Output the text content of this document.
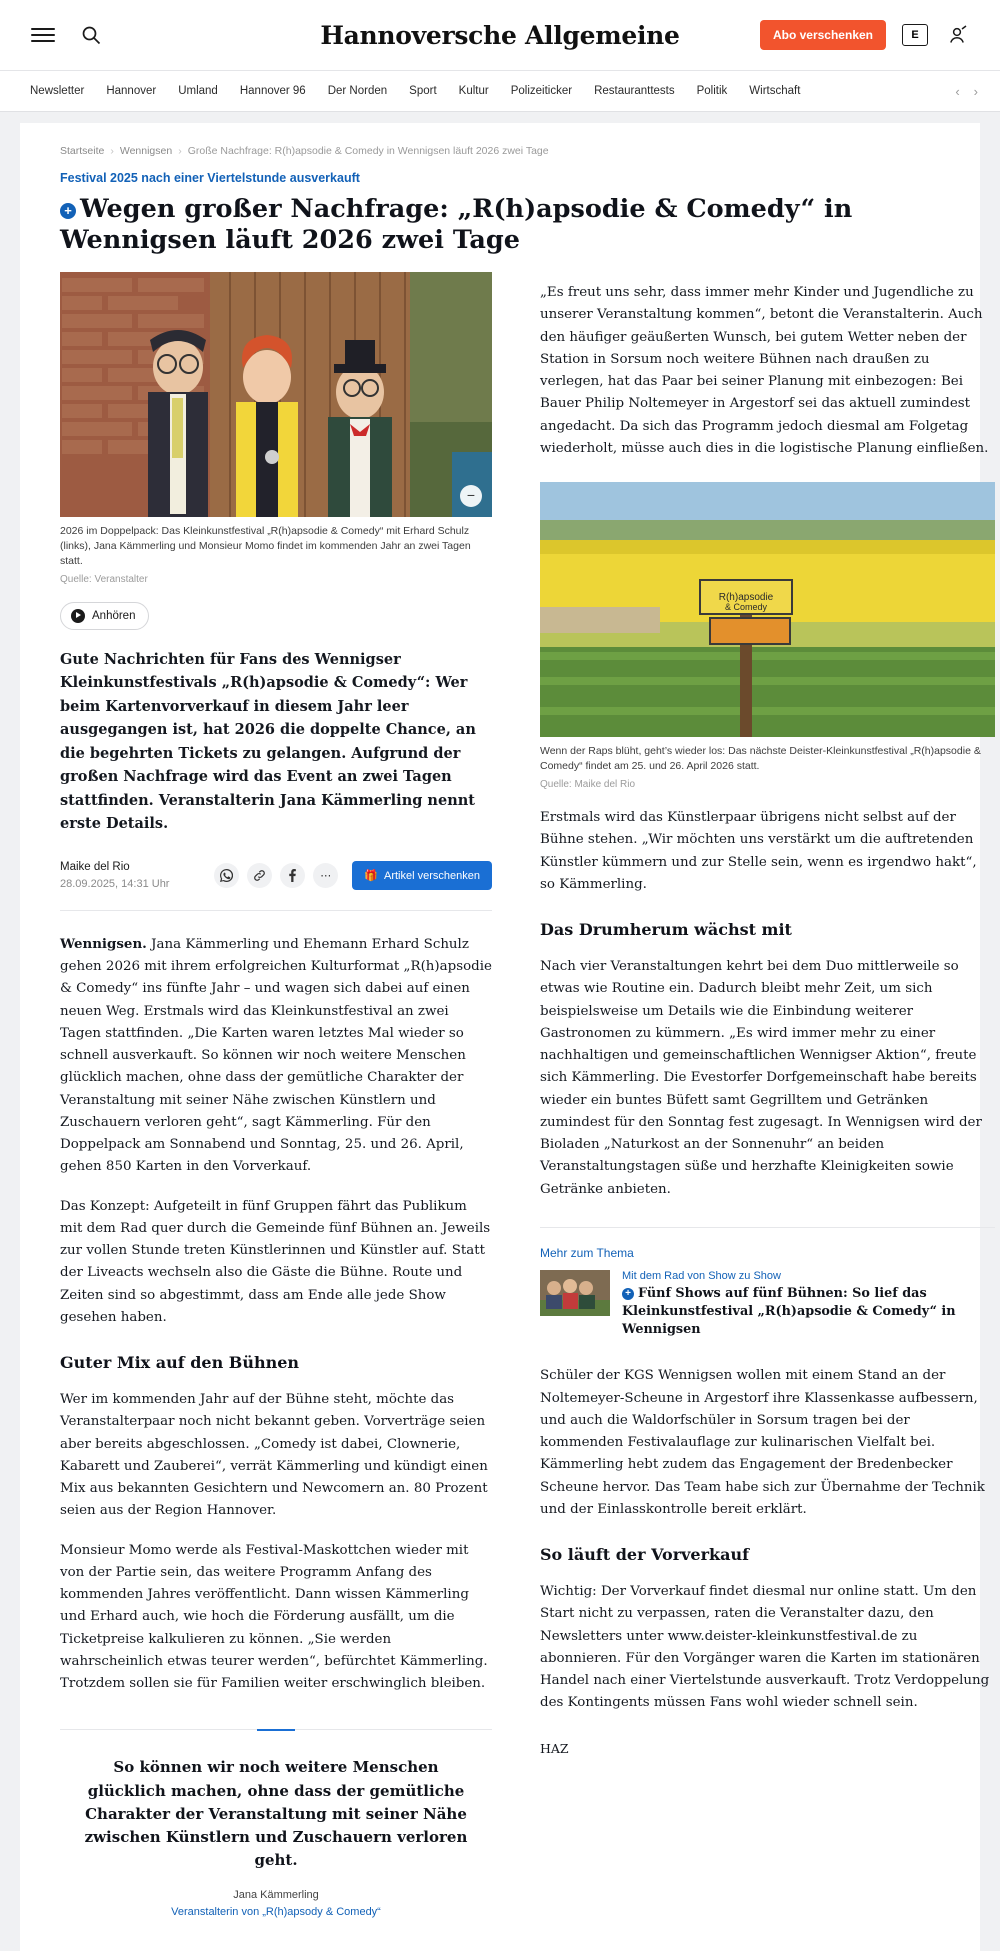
Hannoversche Allgemeine	Abo verschenken	E
Newsletter Hannover Umland Hannover 96 Der Norden Sport Kultur Polizeiticker Restauranttests Politik Wirtschaft	‹ ›
Startseite › Wennigsen › Große Nachfrage: R(h)apsodie & Comedy in Wennigsen läuft 2026 zwei Tage
Festival 2025 nach einer Viertelstunde ausverkauft
+ Wegen großer Nachfrage: „R(h)apsodie & Comedy“ in Wennigsen läuft 2026 zwei Tage
−
2026 im Doppelpack: Das Kleinkunstfestival „R(h)apsodie & Comedy“ mit Erhard Schulz (links), Jana Kämmerling und Monsieur Momo findet im kommenden Jahr an zwei Tagen statt.
Quelle: Veranstalter
Anhören

Gute Nachrichten für Fans des Wennigser Kleinkunstfestivals „R(h)apsodie & Comedy“: Wer beim Kartenvorverkauf in diesem Jahr leer ausgegangen ist, hat 2026 die doppelte Chance, an die begehrten Tickets zu gelangen. Aufgrund der großen Nachfrage wird das Event an zwei Tagen stattfinden. Veranstalterin Jana Kämmerling nennt erste Details.

Maike del Rio
28.09.2025, 14:31 Uhr
⋯	🎁 Artikel verschenken

Wennigsen. Jana Kämmerling und Ehemann Erhard Schulz gehen 2026 mit ihrem erfolgreichen Kulturformat „R(h)apsodie & Comedy“ ins fünfte Jahr – und wagen sich dabei auf einen neuen Weg. Erstmals wird das Kleinkunstfestival an zwei Tagen stattfinden. „Die Karten waren letztes Mal wieder so schnell ausverkauft. So können wir noch weitere Menschen glücklich machen, ohne dass der gemütliche Charakter der Veranstaltung mit seiner Nähe zwischen Künstlern und Zuschauern verloren geht“, sagt Kämmerling. Für den Doppelpack am Sonnabend und Sonntag, 25. und 26. April, gehen 850 Karten in den Vorverkauf.

Das Konzept: Aufgeteilt in fünf Gruppen fährt das Publikum mit dem Rad quer durch die Gemeinde fünf Bühnen an. Jeweils zur vollen Stunde treten Künstlerinnen und Künstler auf. Statt der Liveacts wechseln also die Gäste die Bühne. Route und Zeiten sind so abgestimmt, dass am Ende alle jede Show gesehen haben.

Guter Mix auf den Bühnen

Wer im kommenden Jahr auf der Bühne steht, möchte das Veranstalterpaar noch nicht bekannt geben. Vorverträge seien aber bereits abgeschlossen. „Comedy ist dabei, Clownerie, Kabarett und Zauberei“, verrät Kämmerling und kündigt einen Mix aus bekannten Gesichtern und Newcomern an. 80 Prozent seien aus der Region Hannover.

Monsieur Momo werde als Festival-Maskottchen wieder mit von der Partie sein, das weitere Programm Anfang des kommenden Jahres veröffentlicht. Dann wissen Kämmerling und Erhard auch, wie hoch die Förderung ausfällt, um die Ticketpreise kalkulieren zu können. „Sie werden wahrscheinlich etwas teurer werden“, befürchtet Kämmerling. Trotzdem sollen sie für Familien weiter erschwinglich bleiben.

So können wir noch weitere Menschen glücklich machen, ohne dass der gemütliche Charakter der Veranstaltung mit seiner Nähe zwischen Künstlern und Zuschauern verloren geht.
Jana Kämmerling
Veranstalterin von „R(h)apsody & Comedy“

„Es freut uns sehr, dass immer mehr Kinder und Jugendliche zu unserer Veranstaltung kommen“, betont die Veranstalterin. Auch den häufiger geäußerten Wunsch, bei gutem Wetter neben der Station in Sorsum noch weitere Bühnen nach draußen zu verlegen, hat das Paar bei seiner Planung mit einbezogen: Bei Bauer Philip Noltemeyer in Argestorf sei das aktuell zumindest angedacht. Da sich das Programm jedoch diesmal am Folgetag wiederholt, müsse auch dies in die logistische Planung einfließen.

R(h)apsodie
& Comedy
Wenn der Raps blüht, geht’s wieder los: Das nächste Deister-Kleinkunstfestival „R(h)apsodie & Comedy“ findet am 25. und 26. April 2026 statt.
Quelle: Maike del Rio

Erstmals wird das Künstlerpaar übrigens nicht selbst auf der Bühne stehen. „Wir möchten uns verstärkt um die auftretenden Künstler kümmern und zur Stelle sein, wenn es irgendwo hakt“, so Kämmerling.

Das Drumherum wächst mit

Nach vier Veranstaltungen kehrt bei dem Duo mittlerweile so etwas wie Routine ein. Dadurch bleibt mehr Zeit, um sich beispielsweise um Details wie die Einbindung weiterer Gastronomen zu kümmern. „Es wird immer mehr zu einer nachhaltigen und gemeinschaftlichen Wennigser Aktion“, freute sich Kämmerling. Die Evestorfer Dorfgemeinschaft habe bereits wieder ein buntes Büfett samt Gegrilltem und Getränken zumindest für den Sonntag fest zugesagt. In Wennigsen wird der Bioladen „Naturkost an der Sonnenuhr“ an beiden Veranstaltungstagen süße und herzhafte Kleinigkeiten sowie Getränke anbieten.

Mehr zum Thema
Mit dem Rad von Show zu Show
+ Fünf Shows auf fünf Bühnen: So lief das Kleinkunstfestival „R(h)apsodie & Comedy“ in Wennigsen

Schüler der KGS Wennigsen wollen mit einem Stand an der Noltemeyer-Scheune in Argestorf ihre Klassenkasse aufbessern, und auch die Waldorfschüler in Sorsum tragen bei der kommenden Festivalauflage zur kulinarischen Vielfalt bei. Kämmerling hebt zudem das Engagement der Bredenbecker Scheune hervor. Das Team habe sich zur Übernahme der Technik und der Einlasskontrolle bereit erklärt.

So läuft der Vorverkauf

Wichtig: Der Vorverkauf findet diesmal nur online statt. Um den Start nicht zu verpassen, raten die Veranstalter dazu, den Newsletters unter www.deister-kleinkunstfestival.de zu abonnieren. Für den Vorgänger waren die Karten im stationären Handel nach einer Viertelstunde ausverkauft. Trotz Verdoppelung des Kontingents müssen Fans wohl wieder schnell sein.

HAZ
